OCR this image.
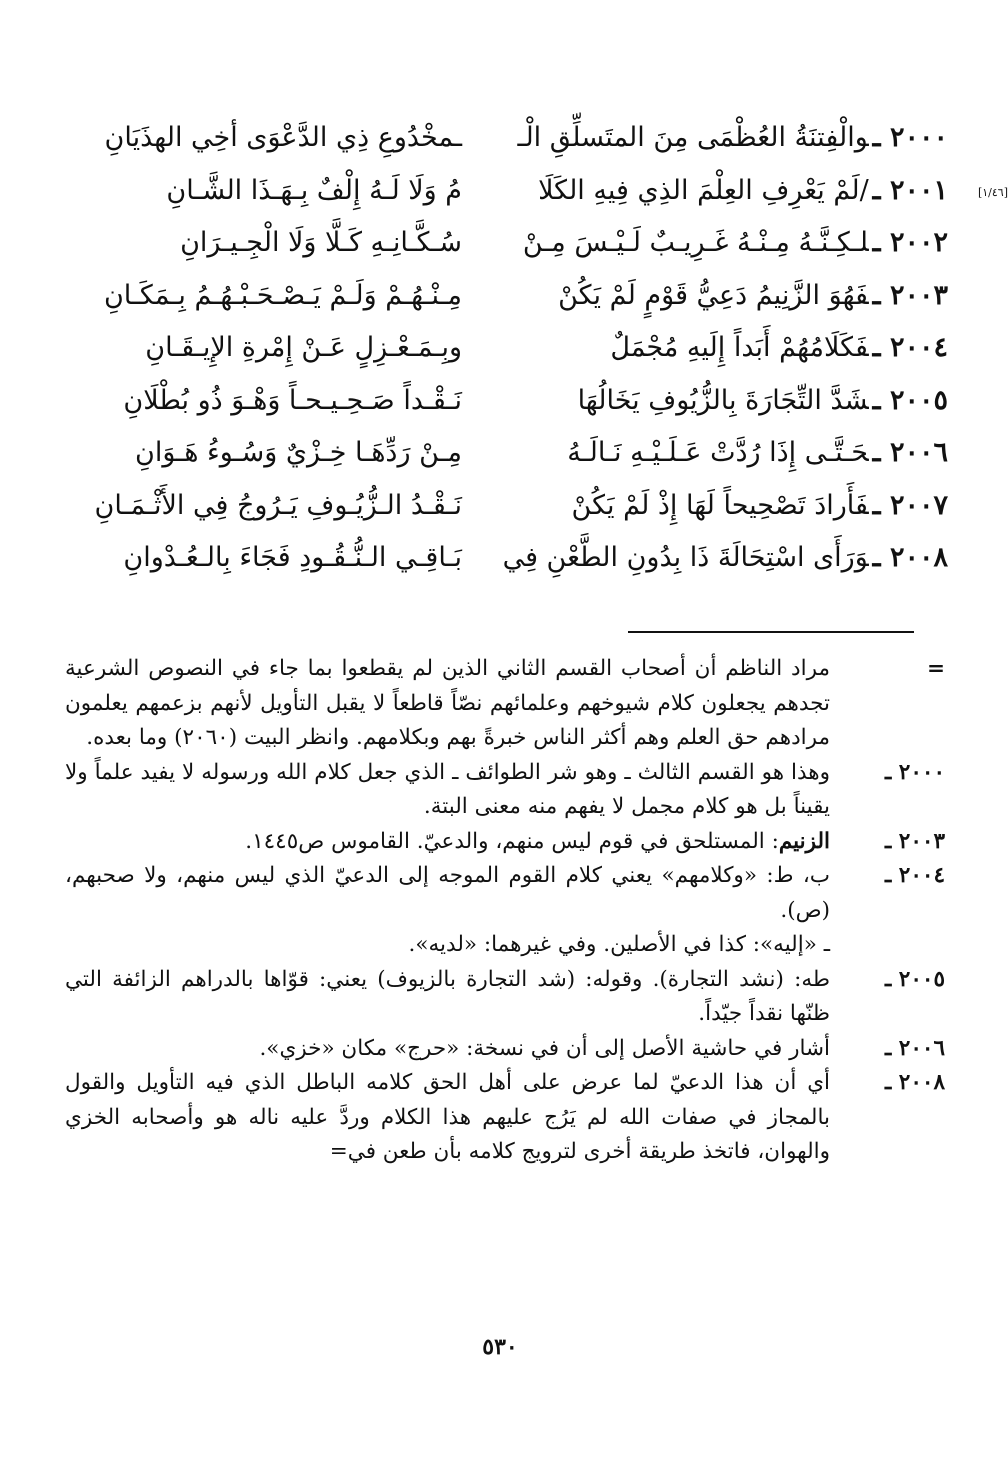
٢٠٠٠ ـوالْفِتنَةُ العُظْمَى مِنَ المتَسلِّقِ الْـ
ـمخْدُوعِ ذِي الدَّعْوَى أخِي الهذَيَانِ
٢٠٠١ ـ/لَمْ يَعْرِفِ العِلْمَ الذِي فِيهِ الكَلَا
مُ وَلَا لَـهُ إِلْفٌ بِـهَـذَا الشَّـانِ	[١/٤٦]
٢٠٠٢ ـلـكِـنَّـهُ مِـنْـهُ غَـرِيـبٌ لَـيْـسَ مِـنْ
سُـكَّـانِـهِ كَـلَّا وَلَا الْجِـيـرَانِ
٢٠٠٣ ـفَهُوَ الزَّنِيمُ دَعِيُّ قَوْمٍ لَمْ يَكُنْ
مِـنْـهُـمْ وَلَـمْ يَـصْـحَـبْـهُـمُ بِـمَكَـانِ
٢٠٠٤ ـفَكَلَامُهُمْ أَبَداً إِلَيهِ مُجْمَلٌ
وبِـمَـعْـزِلٍ عَـنْ إِمْرةِ الإِيـقَـانِ
٢٠٠٥ ـشَدَّ التِّجَارَةَ بِالزُّيُوفِ يَخَالُهَا
نَـقْـداً صَـحِـيـحـاً وَهْـوَ ذُو بُطْلَانِ
٢٠٠٦ ـحَـتَّـى إِذَا رُدَّتْ عَـلَـيْـهِ نَـالَـهُ
مِـنْ رَدِّهَـا خِـزْيٌ وَسُـوءُ هَـوَانِ
٢٠٠٧ ـفَأَرادَ تَصْحِيحاً لَهَا إِذْ لَمْ يَكُنْ
نَـقْـدُ الـزُّيُـوفِ يَـرُوجُ فِي الأَثْـمَـانِ
٢٠٠٨ ـوَرَأَى اسْتِحَالَةَ ذَا بِدُونِ الطَّعْنِ فِي
بَـاقِـي الـنُّـقُـودِ فَجَاءَ بِالـعُـدْوانِ
=
مراد الناظم أن أصحاب القسم الثاني الذين لم يقطعوا بما جاء في النصوص الشرعية تجدهم يجعلون كلام شيوخهم وعلمائهم نصّاً قاطعاً لا يقبل التأويل لأنهم بزعمهم يعلمون مرادهم حق العلم وهم أكثر الناس خبرةً بهم وبكلامهم. وانظر البيت (٢٠٦٠) وما بعده.
٢٠٠٠ ـ
وهذا هو القسم الثالث ـ وهو شر الطوائف ـ الذي جعل كلام الله ورسوله لا يفيد علماً ولا يقيناً بل هو كلام مجمل لا يفهم منه معنى البتة.
٢٠٠٣ ـ
الزنيم: المستلحق في قوم ليس منهم، والدعيّ. القاموس ص١٤٤٥.
٢٠٠٤ ـ
ب، ط: «وكلامهم» يعني كلام القوم الموجه إلى الدعيّ الذي ليس منهم، ولا صحبهم، (ص).
ـ «إليه»: كذا في الأصلين. وفي غيرهما: «لديه».
٢٠٠٥ ـ
طه: (نشد التجارة). وقوله: (شد التجارة بالزيوف) يعني: قوّاها بالدراهم الزائفة التي ظنّها نقداً جيّداً.
٢٠٠٦ ـ
أشار في حاشية الأصل إلى أن في نسخة: «حرج» مكان «خزي».
٢٠٠٨ ـ
أي أن هذا الدعيّ لما عرض على أهل الحق كلامه الباطل الذي فيه التأويل والقول بالمجاز في صفات الله لم يَرُج عليهم هذا الكلام وردَّ عليه ناله هو وأصحابه الخزي والهوان، فاتخذ طريقة أخرى لترويج كلامه بأن طعن في=
٥٣٠
